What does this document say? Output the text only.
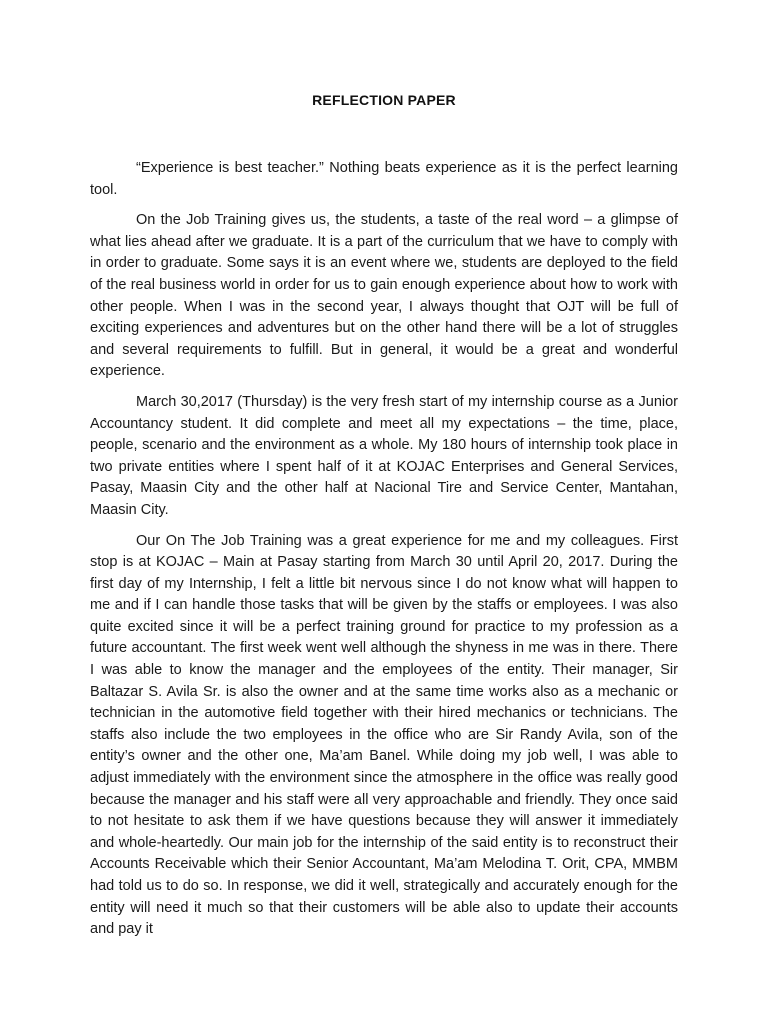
REFLECTION PAPER

“Experience is best teacher.” Nothing beats experience as it is the perfect learning tool.

On the Job Training gives us, the students, a taste of the real word – a glimpse of what lies ahead after we graduate. It is a part of the curriculum that we have to comply with in order to graduate. Some says it is an event where we, students are deployed to the field of the real business world in order for us to gain enough experience about how to work with other people. When I was in the second year, I always thought that OJT will be full of exciting experiences and adventures but on the other hand there will be a lot of struggles and several requirements to fulfill. But in general, it would be a great and wonderful experience.

March 30,2017 (Thursday) is the very fresh start of my internship course as a Junior Accountancy student. It did complete and meet all my expectations – the time, place, people, scenario and the environment as a whole. My 180 hours of internship took place in two private entities where I spent half of it at KOJAC Enterprises and General Services, Pasay, Maasin City and the other half at Nacional Tire and Service Center, Mantahan, Maasin City.

Our On The Job Training was a great experience for me and my colleagues. First stop is at KOJAC – Main at Pasay starting from March 30 until April 20, 2017. During the first day of my Internship, I felt a little bit nervous since I do not know what will happen to me and if I can handle those tasks that will be given by the staffs or employees. I was also quite excited since it will be a perfect training ground for practice to my profession as a future accountant. The first week went well although the shyness in me was in there. There I was able to know the manager and the employees of the entity. Their manager, Sir Baltazar S. Avila Sr. is also the owner and at the same time works also as a mechanic or technician in the automotive field together with their hired mechanics or technicians. The staffs also include the two employees in the office who are Sir Randy Avila, son of the entity’s owner and the other one, Ma’am Banel. While doing my job well, I was able to adjust immediately with the environment since the atmosphere in the office was really good because the manager and his staff were all very approachable and friendly. They once said to not hesitate to ask them if we have questions because they will answer it immediately and whole-heartedly. Our main job for the internship of the said entity is to reconstruct their Accounts Receivable which their Senior Accountant, Ma’am Melodina T. Orit, CPA, MMBM had told us to do so. In response, we did it well, strategically and accurately enough for the entity will need it much so that their customers will be able also to update their accounts and pay it
